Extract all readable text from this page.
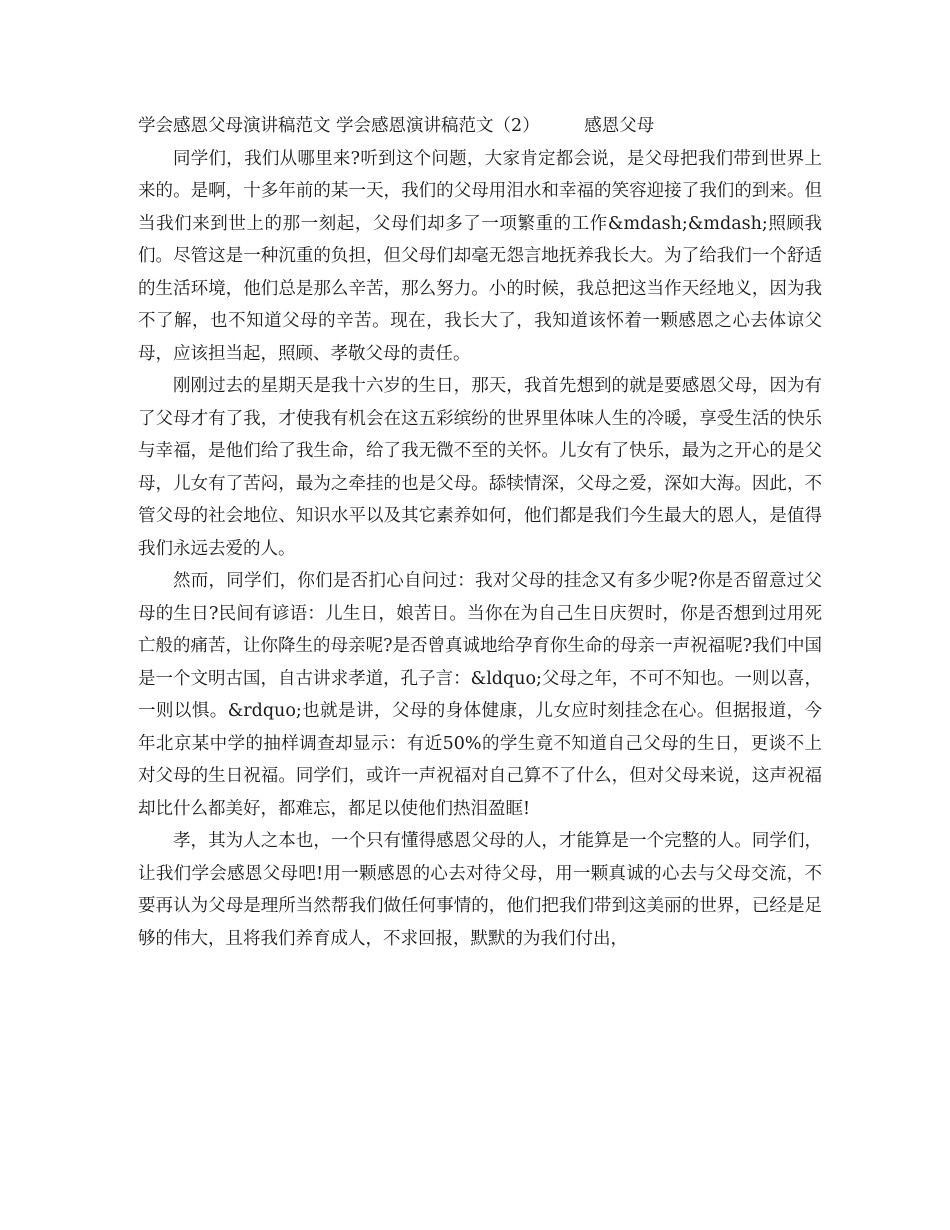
学会感恩父母演讲稿范文 学会感恩演讲稿范文（2）        感恩父母

同学们，我们从哪里来?听到这个问题，大家肯定都会说，是父母把我们带到世界上来的。是啊，十多年前的某一天，我们的父母用泪水和幸福的笑容迎接了我们的到来。但当我们来到世上的那一刻起，父母们却多了一项繁重的工作&mdash;&mdash;照顾我们。尽管这是一种沉重的负担，但父母们却毫无怨言地抚养我长大。为了给我们一个舒适的生活环境，他们总是那么辛苦，那么努力。小的时候，我总把这当作天经地义，因为我不了解，也不知道父母的辛苦。现在，我长大了，我知道该怀着一颗感恩之心去体谅父母，应该担当起，照顾、孝敬父母的责任。

刚刚过去的星期天是我十六岁的生日，那天，我首先想到的就是要感恩父母，因为有了父母才有了我，才使我有机会在这五彩缤纷的世界里体味人生的冷暖，享受生活的快乐与幸福，是他们给了我生命，给了我无微不至的关怀。儿女有了快乐，最为之开心的是父母，儿女有了苦闷，最为之牵挂的也是父母。舔犊情深，父母之爱，深如大海。因此，不管父母的社会地位、知识水平以及其它素养如何，他们都是我们今生最大的恩人，是值得我们永远去爱的人。

然而，同学们，你们是否扪心自问过：我对父母的挂念又有多少呢?你是否留意过父母的生日?民间有谚语：儿生日，娘苦日。当你在为自己生日庆贺时，你是否想到过用死亡般的痛苦，让你降生的母亲呢?是否曾真诚地给孕育你生命的母亲一声祝福呢?我们中国是一个文明古国，自古讲求孝道，孔子言：&ldquo;父母之年，不可不知也。一则以喜，一则以惧。&rdquo;也就是讲，父母的身体健康，儿女应时刻挂念在心。但据报道，今年北京某中学的抽样调查却显示：有近50%的学生竟不知道自己父母的生日，更谈不上对父母的生日祝福。同学们，或许一声祝福对自己算不了什么，但对父母来说，这声祝福却比什么都美好，都难忘，都足以使他们热泪盈眶!

孝，其为人之本也，一个只有懂得感恩父母的人，才能算是一个完整的人。同学们，让我们学会感恩父母吧!用一颗感恩的心去对待父母，用一颗真诚的心去与父母交流，不要再认为父母是理所当然帮我们做任何事情的，他们把我们带到这美丽的世界，已经是足够的伟大，且将我们养育成人，不求回报，默默的为我们付出，
